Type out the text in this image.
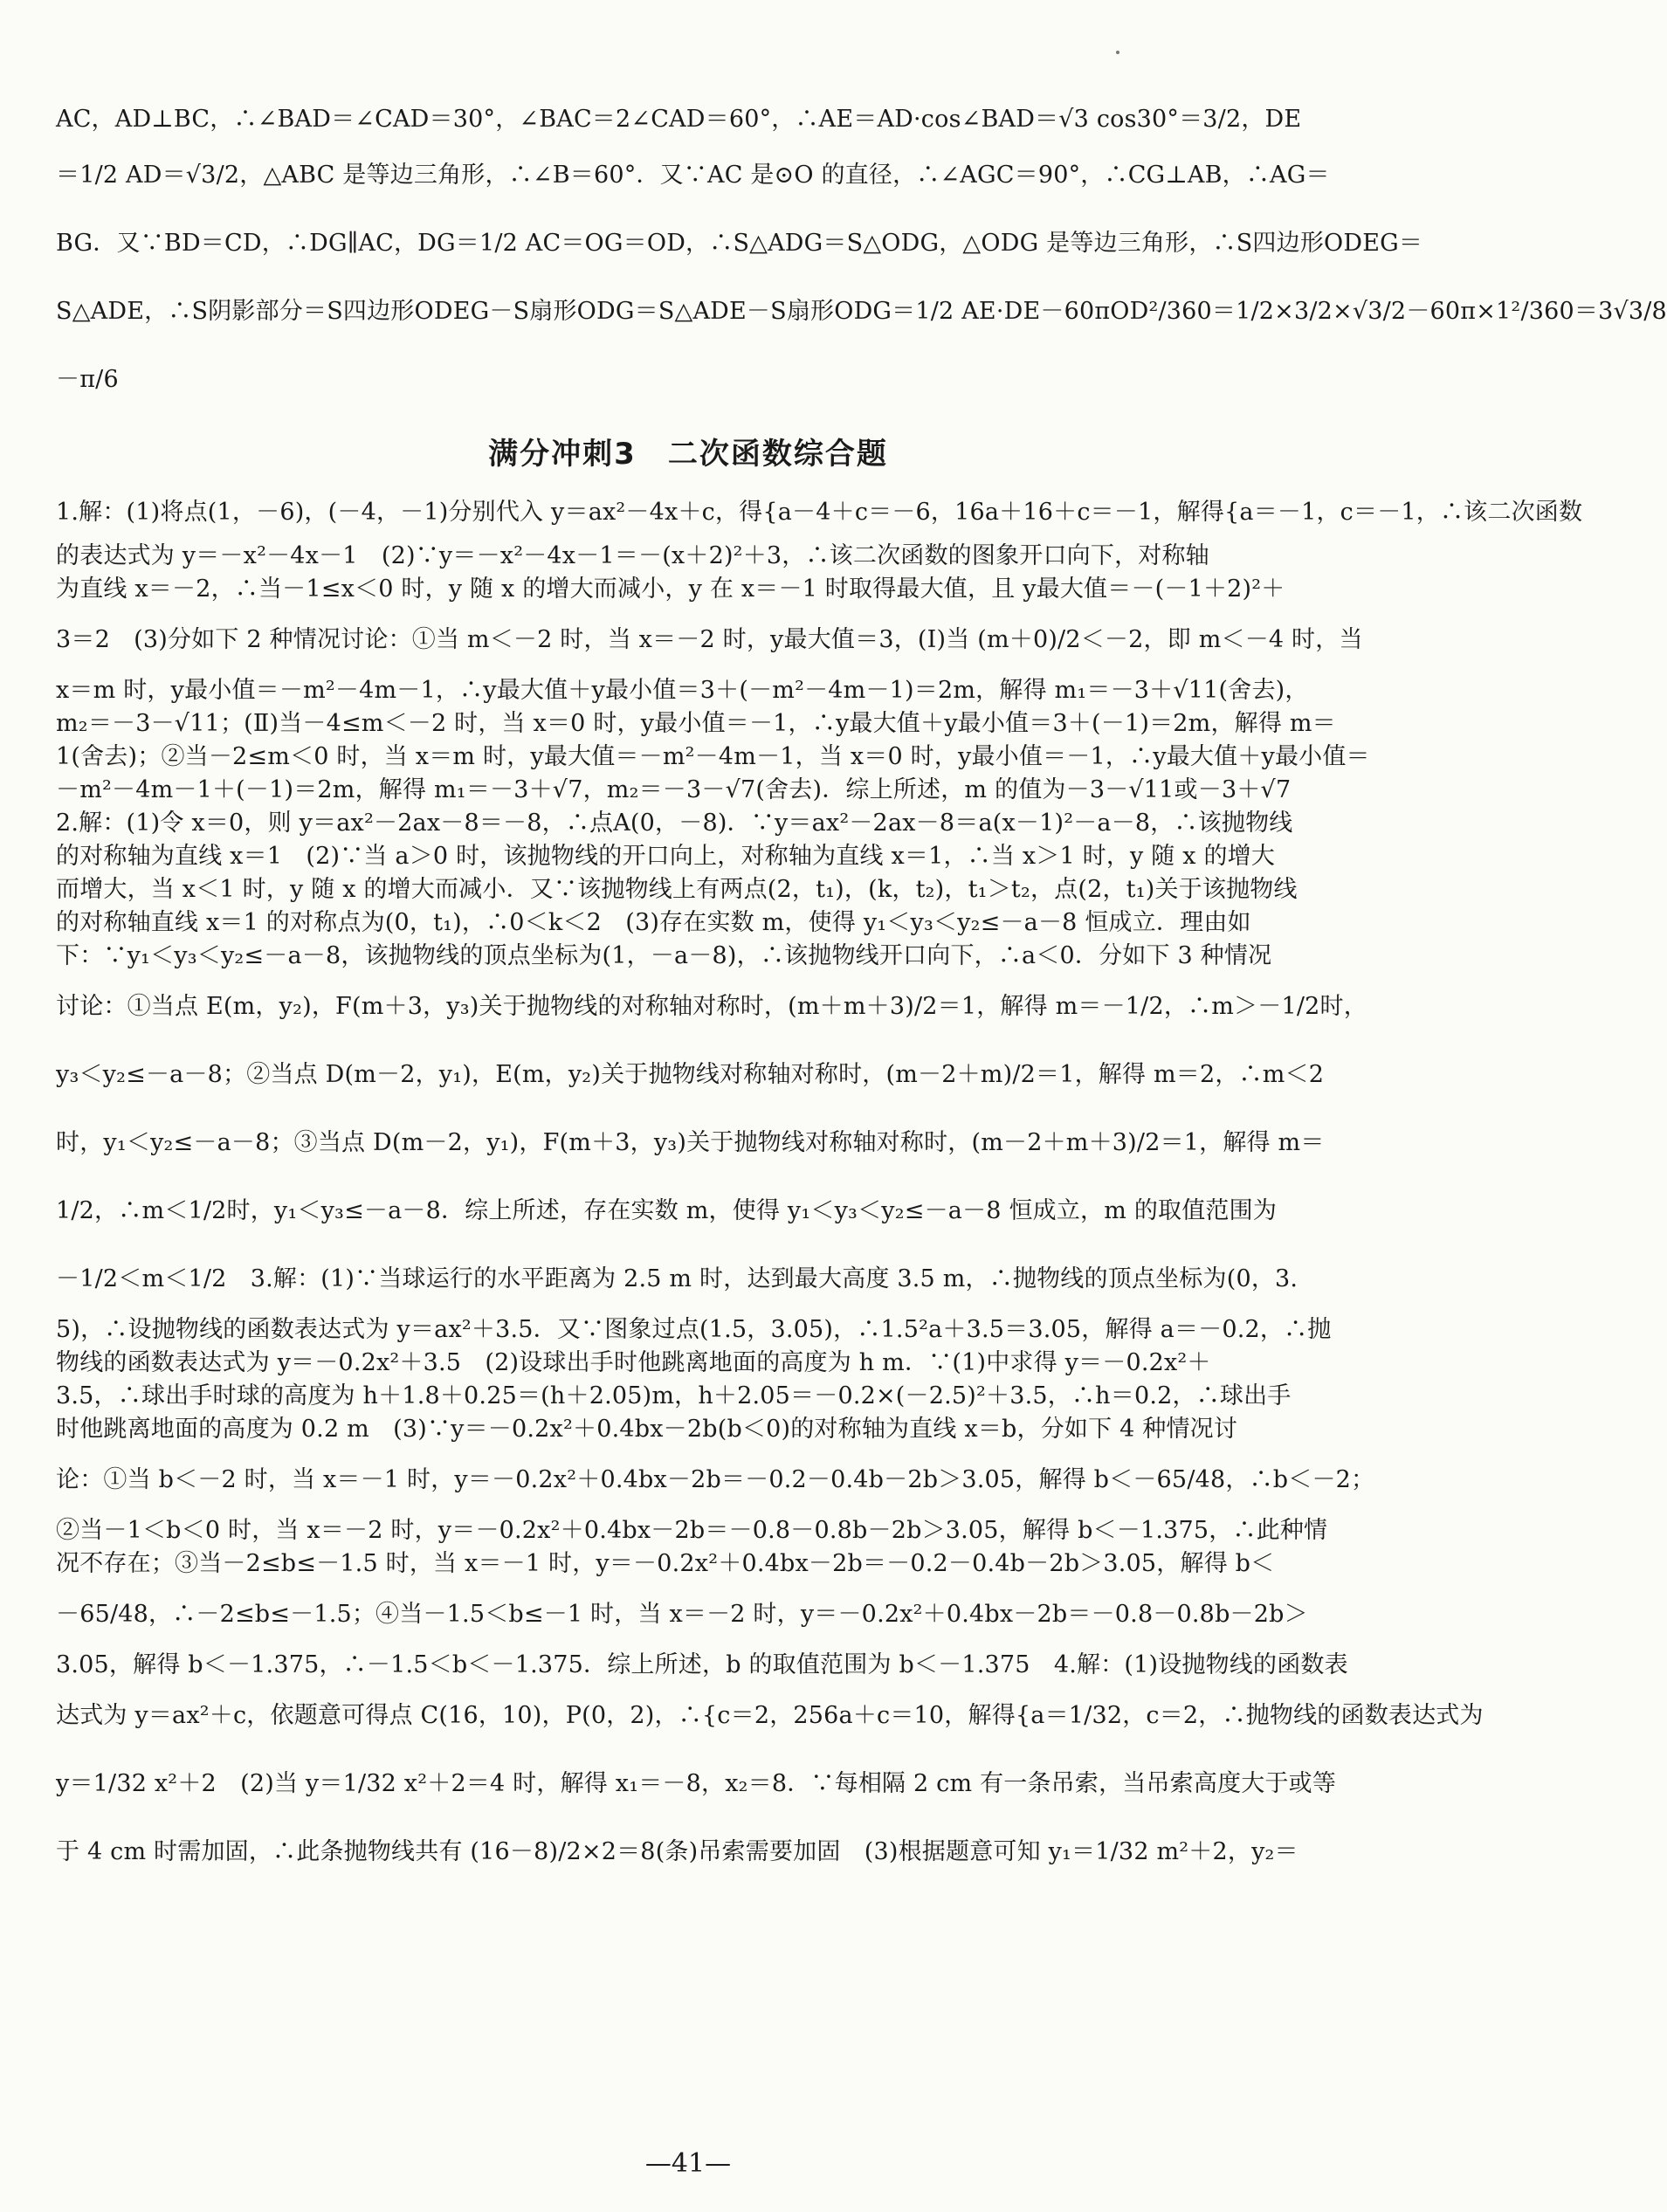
AC，AD⊥BC，∴∠BAD＝∠CAD＝30°，∠BAC＝2∠CAD＝60°，∴AE＝AD·cos∠BAD＝√3 cos30°＝3/2，DE
＝1/2 AD＝√3/2，△ABC 是等边三角形，∴∠B＝60°．又∵AC 是⊙O 的直径，∴∠AGC＝90°，∴CG⊥AB，∴AG＝
BG．又∵BD＝CD，∴DG∥AC，DG＝1/2 AC＝OG＝OD，∴S△ADG＝S△ODG，△ODG 是等边三角形，∴S四边形ODEG＝
S△ADE，∴S阴影部分＝S四边形ODEG－S扇形ODG＝S△ADE－S扇形ODG＝1/2 AE·DE－60πOD²/360＝1/2×3/2×√3/2－60π×1²/360＝3√3/8
－π/6
满分冲刺3　二次函数综合题
1.解：(1)将点(1，－6)，(－4，－1)分别代入 y＝ax²－4x＋c，得{a－4＋c＝－6，16a＋16＋c＝－1，解得{a＝－1，c＝－1，∴该二次函数
的表达式为 y＝－x²－4x－1　(2)∵y＝－x²－4x－1＝－(x＋2)²＋3，∴该二次函数的图象开口向下，对称轴
为直线 x＝－2，∴当－1≤x＜0 时，y 随 x 的增大而减小，y 在 x＝－1 时取得最大值，且 y最大值＝－(－1＋2)²＋
3＝2　(3)分如下 2 种情况讨论：①当 m＜－2 时，当 x＝－2 时，y最大值＝3，(Ⅰ)当 (m＋0)/2＜－2，即 m＜－4 时，当
x＝m 时，y最小值＝－m²－4m－1，∴y最大值＋y最小值＝3＋(－m²－4m－1)＝2m，解得 m₁＝－3＋√11(舍去)，
m₂＝－3－√11；(Ⅱ)当－4≤m＜－2 时，当 x＝0 时，y最小值＝－1，∴y最大值＋y最小值＝3＋(－1)＝2m，解得 m＝
1(舍去)；②当－2≤m＜0 时，当 x＝m 时，y最大值＝－m²－4m－1，当 x＝0 时，y最小值＝－1，∴y最大值＋y最小值＝
－m²－4m－1＋(－1)＝2m，解得 m₁＝－3＋√7，m₂＝－3－√7(舍去)．综上所述，m 的值为－3－√11或－3＋√7
2.解：(1)令 x＝0，则 y＝ax²－2ax－8＝－8，∴点A(0，－8)．∵y＝ax²－2ax－8＝a(x－1)²－a－8，∴该抛物线
的对称轴为直线 x＝1　(2)∵当 a＞0 时，该抛物线的开口向上，对称轴为直线 x＝1，∴当 x＞1 时，y 随 x 的增大
而增大，当 x＜1 时，y 随 x 的增大而减小．又∵该抛物线上有两点(2，t₁)，(k，t₂)，t₁＞t₂，点(2，t₁)关于该抛物线
的对称轴直线 x＝1 的对称点为(0，t₁)，∴0＜k＜2　(3)存在实数 m，使得 y₁＜y₃＜y₂≤－a－8 恒成立．理由如
下：∵y₁＜y₃＜y₂≤－a－8，该抛物线的顶点坐标为(1，－a－8)，∴该抛物线开口向下，∴a＜0．分如下 3 种情况
讨论：①当点 E(m，y₂)，F(m＋3，y₃)关于抛物线的对称轴对称时，(m＋m＋3)/2＝1，解得 m＝－1/2，∴m＞－1/2时，
y₃＜y₂≤－a－8；②当点 D(m－2，y₁)，E(m，y₂)关于抛物线对称轴对称时，(m－2＋m)/2＝1，解得 m＝2，∴m＜2
时，y₁＜y₂≤－a－8；③当点 D(m－2，y₁)，F(m＋3，y₃)关于抛物线对称轴对称时，(m－2＋m＋3)/2＝1，解得 m＝
1/2，∴m＜1/2时，y₁＜y₃≤－a－8．综上所述，存在实数 m，使得 y₁＜y₃＜y₂≤－a－8 恒成立，m 的取值范围为
－1/2＜m＜1/2　3.解：(1)∵当球运行的水平距离为 2.5 m 时，达到最大高度 3.5 m，∴抛物线的顶点坐标为(0，3.
5)，∴设抛物线的函数表达式为 y＝ax²＋3.5．又∵图象过点(1.5，3.05)，∴1.5²a＋3.5＝3.05，解得 a＝－0.2，∴抛
物线的函数表达式为 y＝－0.2x²＋3.5　(2)设球出手时他跳离地面的高度为 h m．∵(1)中求得 y＝－0.2x²＋
3.5，∴球出手时球的高度为 h＋1.8＋0.25＝(h＋2.05)m，h＋2.05＝－0.2×(－2.5)²＋3.5，∴h＝0.2，∴球出手
时他跳离地面的高度为 0.2 m　(3)∵y＝－0.2x²＋0.4bx－2b(b＜0)的对称轴为直线 x＝b，分如下 4 种情况讨
论：①当 b＜－2 时，当 x＝－1 时，y＝－0.2x²＋0.4bx－2b＝－0.2－0.4b－2b＞3.05，解得 b＜－65/48，∴b＜－2；
②当－1＜b＜0 时，当 x＝－2 时，y＝－0.2x²＋0.4bx－2b＝－0.8－0.8b－2b＞3.05，解得 b＜－1.375，∴此种情
况不存在；③当－2≤b≤－1.5 时，当 x＝－1 时，y＝－0.2x²＋0.4bx－2b＝－0.2－0.4b－2b＞3.05，解得 b＜
－65/48，∴－2≤b≤－1.5；④当－1.5＜b≤－1 时，当 x＝－2 时，y＝－0.2x²＋0.4bx－2b＝－0.8－0.8b－2b＞
3.05，解得 b＜－1.375，∴－1.5＜b＜－1.375．综上所述，b 的取值范围为 b＜－1.375　4.解：(1)设抛物线的函数表
达式为 y＝ax²＋c，依题意可得点 C(16，10)，P(0，2)，∴{c＝2，256a＋c＝10，解得{a＝1/32，c＝2，∴抛物线的函数表达式为
y＝1/32 x²＋2　(2)当 y＝1/32 x²＋2＝4 时，解得 x₁＝－8，x₂＝8．∵每相隔 2 cm 有一条吊索，当吊索高度大于或等
于 4 cm 时需加固，∴此条抛物线共有 (16－8)/2×2＝8(条)吊索需要加固　(3)根据题意可知 y₁＝1/32 m²＋2，y₂＝
—41—
